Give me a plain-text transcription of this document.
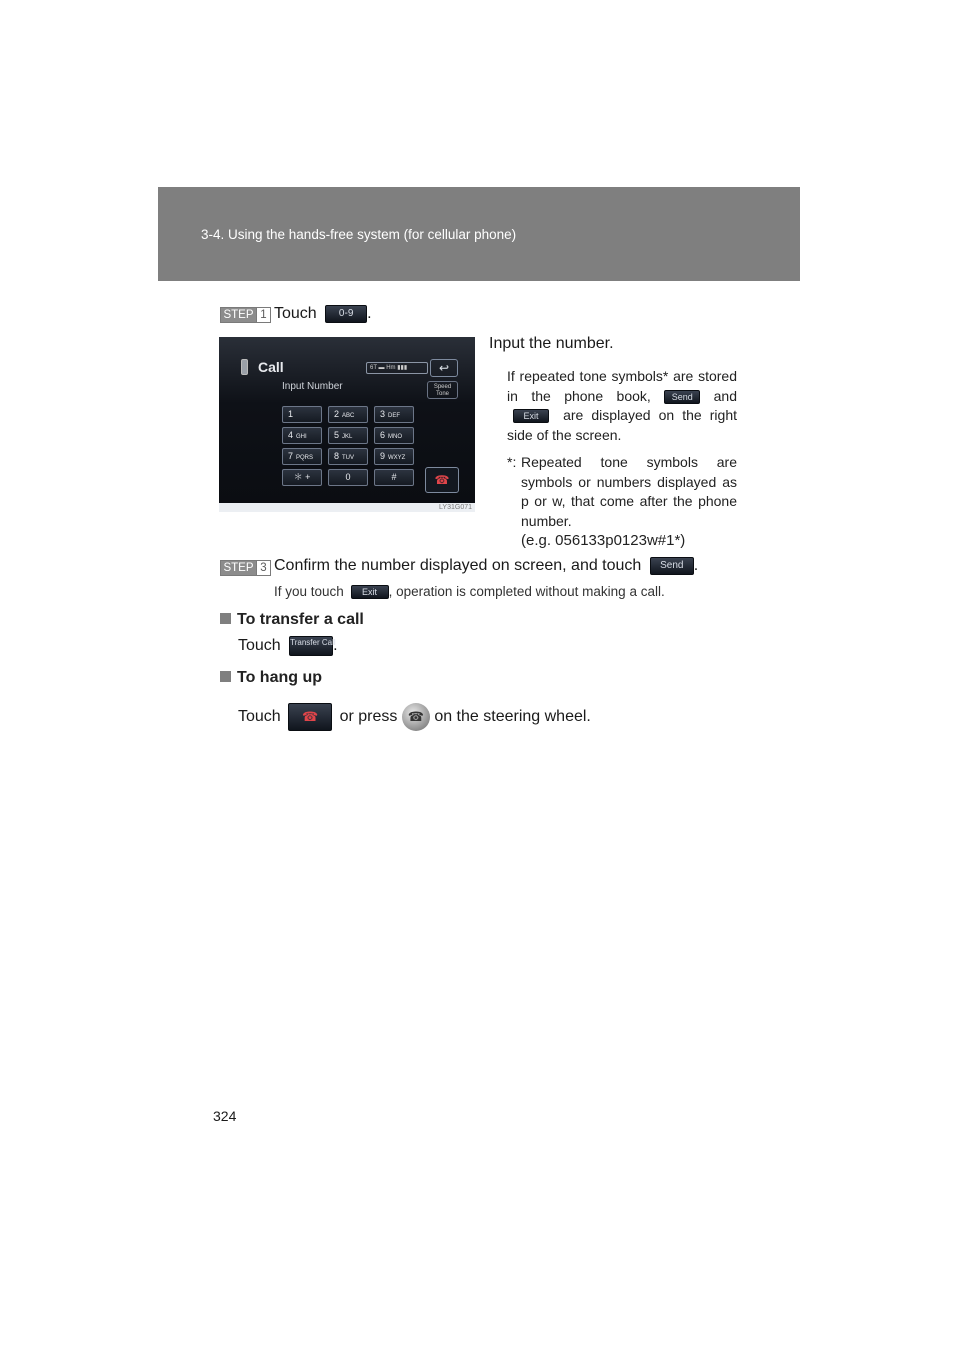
3-4. Using the hands-free system (for cellular phone)
STEP 1 Touch 0-9 .
Call
Input Number
6T ▬ Hm ▮▮▮	↩
Speed Tone
1	2 ABC	3 DEF
4 GHI	5 JKL	6 MNO
7 PQRS	8 TUV	9 WXYZ
＊ +	0	#	☎
LY31G071
Input the number.
If repeated tone symbols* are stored in the phone book, Send and Exit are displayed on the right side of the screen.
*: Repeated tone symbols are symbols or numbers displayed as p or w, that come after the phone number.
(e.g. 056133p0123w#1*)
STEP 3 Confirm the number displayed on screen, and touch Send .
If you touch Exit , operation is completed without making a call.
To transfer a call
Touch Transfer Call.
To hang up
Touch ☎ or press ☎ on the steering wheel.
324
